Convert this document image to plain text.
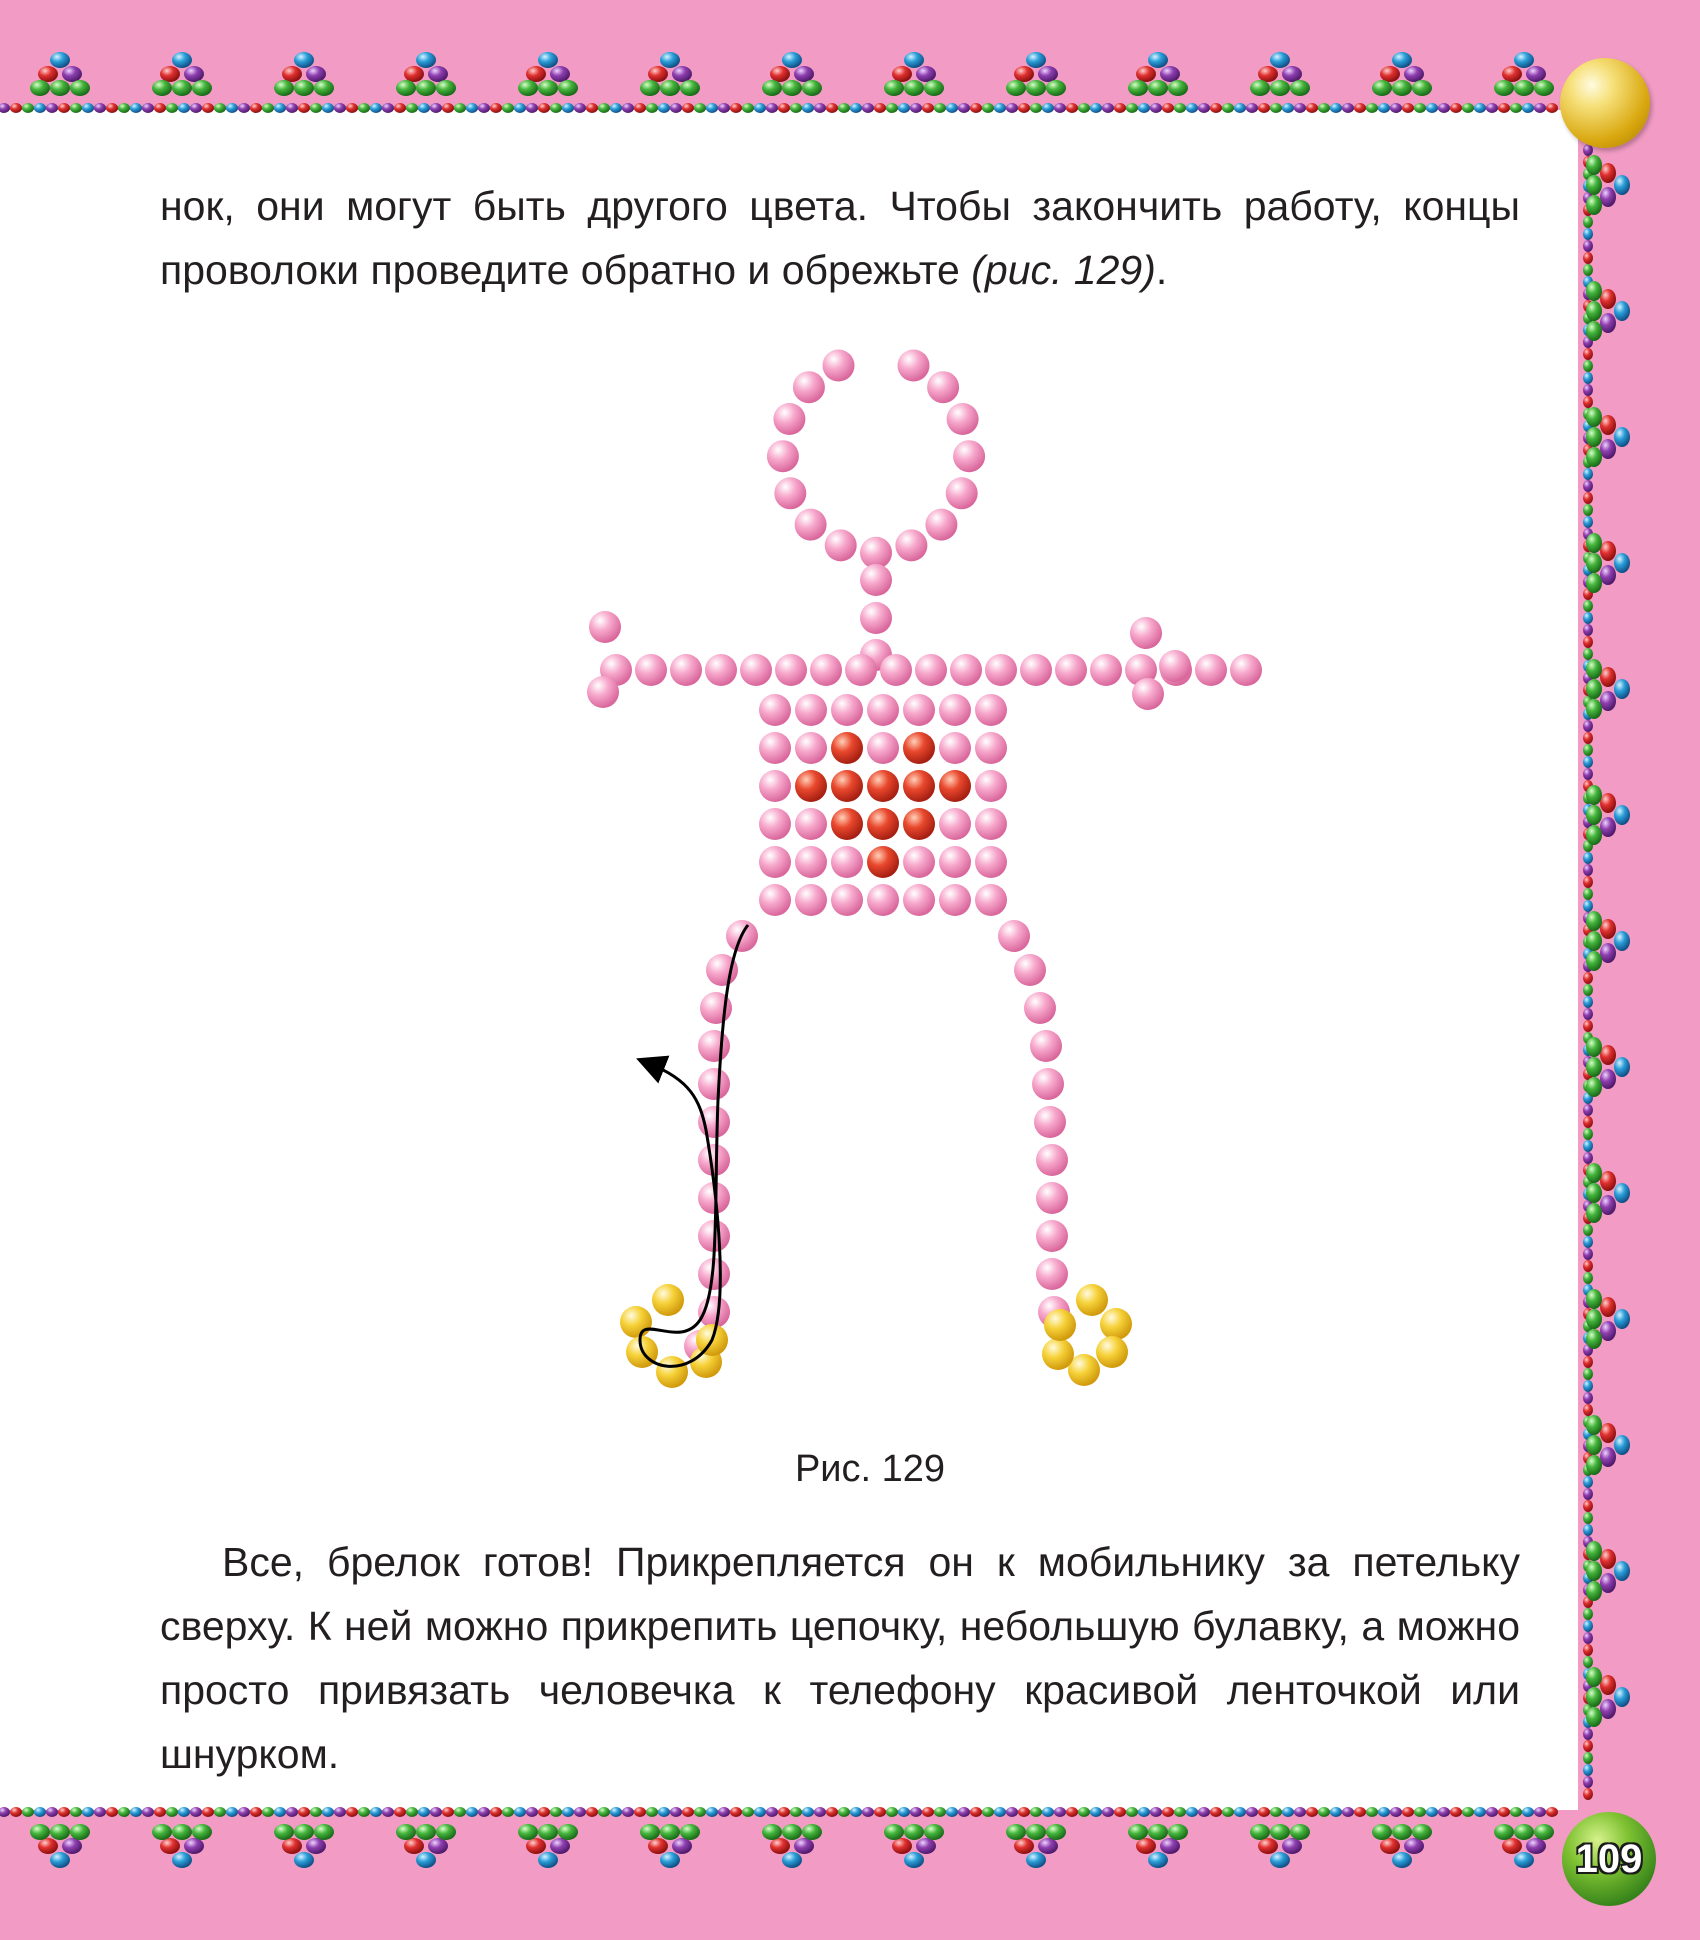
нок, они могут быть другого цвета. Чтобы закончить работу, концы проволоки проведите обратно и обрежьте (рис. 129).

Рис. 129

Все, брелок готов! Прикрепляется он к мобильнику за петельку сверху. К ней можно прикрепить цепочку, небольшую булавку, а можно просто привязать человечка к телефону красивой ленточкой или шнурком.

109
